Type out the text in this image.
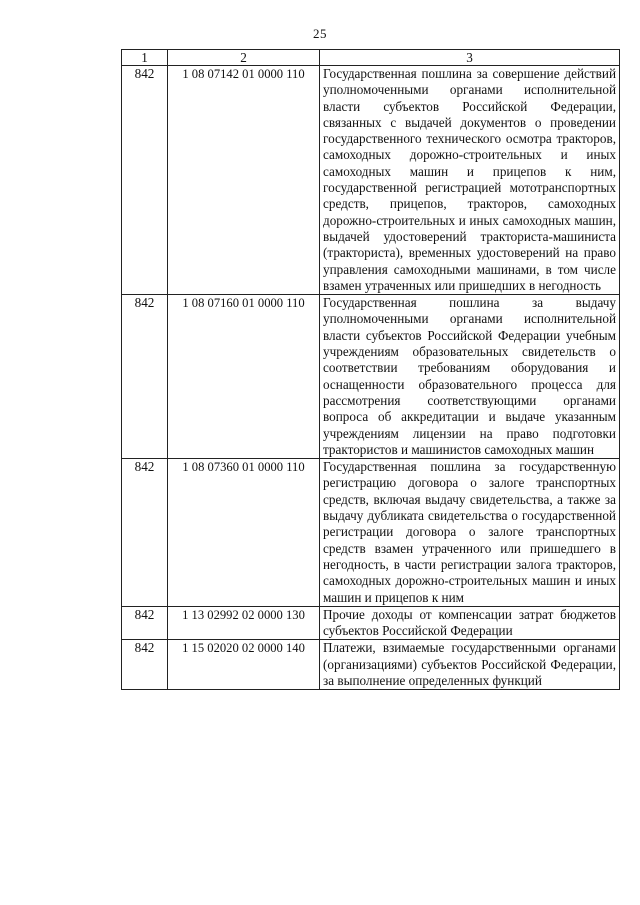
25
1	2	3
842	1 08 07142 01 0000 110	Государственная пошлина за совершение действий уполномоченными органами исполнительной власти субъектов Российской Федерации, связанных с выдачей документов о проведении государственного технического осмотра тракторов, самоходных дорожно-строительных и иных самоходных машин и прицепов к ним, государственной регистрацией мототранспортных средств, прицепов, тракторов, самоходных дорожно-строительных и иных самоходных машин, выдачей удостоверений тракториста-машиниста (тракториста), временных удостоверений на право управления самоходными машинами, в том числе взамен утраченных или пришедших в негодность
842	1 08 07160 01 0000 110	Государственная пошлина за выдачу уполномоченными органами исполнительной власти субъектов Российской Федерации учебным учреждениям образовательных свидетельств о соответствии требованиям оборудования и оснащенности образовательного процесса для рассмотрения соответствующими органами вопроса об аккредитации и выдаче указанным учреждениям лицензии на право подготовки трактористов и машинистов самоходных машин
842	1 08 07360 01 0000 110	Государственная пошлина за государственную регистрацию договора о залоге транспортных средств, включая выдачу свидетельства, а также за выдачу дубликата свидетельства о государственной регистрации договора о залоге транспортных средств взамен утраченного или пришедшего в негодность, в части регистрации залога тракторов, самоходных дорожно-строительных машин и иных машин и прицепов к ним
842	1 13 02992 02 0000 130	Прочие доходы от компенсации затрат бюджетов субъектов Российской Федерации
842	1 15 02020 02 0000 140	Платежи, взимаемые государственными органами (организациями) субъектов Российской Федерации, за выполнение определенных функций
